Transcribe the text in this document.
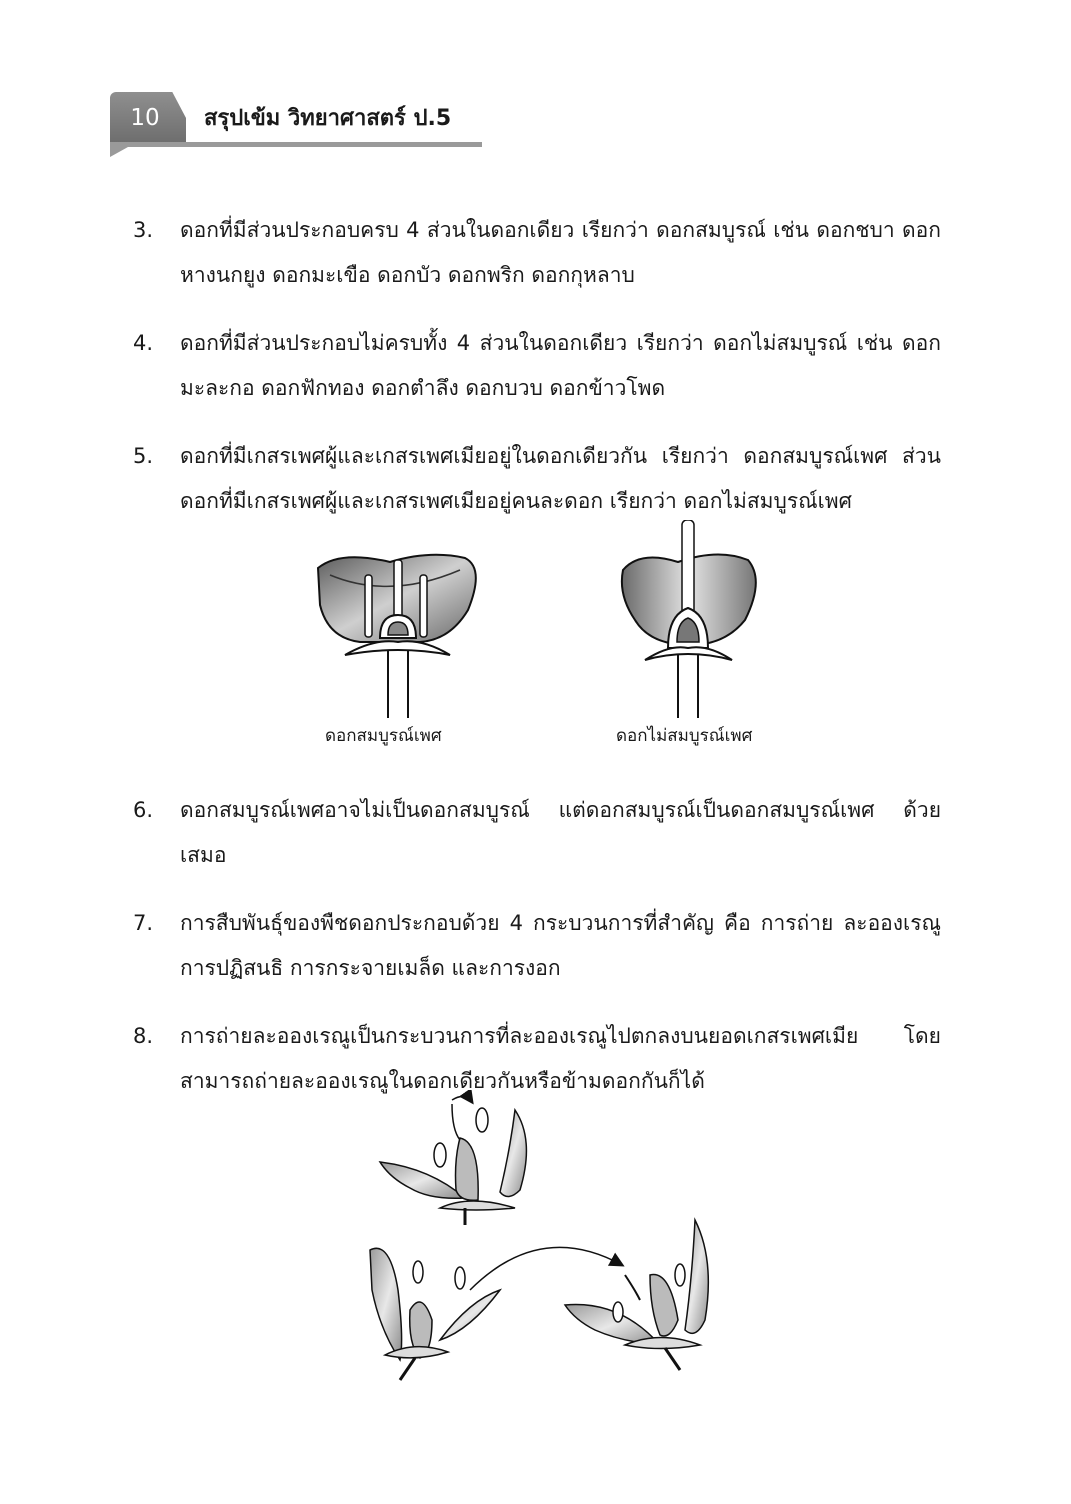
10	สรุปเข้ม วิทยาศาสตร์ ป.5
3. ดอกที่มีส่วนประกอบครบ 4 ส่วนในดอกเดียว เรียกว่า ดอกสมบูรณ์ เช่น ดอกชบา ดอกหางนกยูง ดอกมะเขือ ดอกบัว ดอกพริก ดอกกุหลาบ
4. ดอกที่มีส่วนประกอบไม่ครบทั้ง 4 ส่วนในดอกเดียว เรียกว่า ดอกไม่สมบูรณ์ เช่น ดอกมะละกอ ดอกฟักทอง ดอกตำลึง ดอกบวบ ดอกข้าวโพด
5. ดอกที่มีเกสรเพศผู้และเกสรเพศเมียอยู่ในดอกเดียวกัน เรียกว่า ดอกสมบูรณ์เพศ ส่วนดอกที่มีเกสรเพศผู้และเกสรเพศเมียอยู่คนละดอก เรียกว่า ดอกไม่สมบูรณ์เพศ
ดอกสมบูรณ์เพศ	ดอกไม่สมบูรณ์เพศ
6. ดอกสมบูรณ์เพศอาจไม่เป็นดอกสมบูรณ์ แต่ดอกสมบูรณ์เป็นดอกสมบูรณ์เพศ ด้วยเสมอ
7. การสืบพันธุ์ของพืชดอกประกอบด้วย 4 กระบวนการที่สำคัญ คือ การถ่าย ละอองเรณู การปฏิสนธิ การกระจายเมล็ด และการงอก
8. การถ่ายละอองเรณูเป็นกระบวนการที่ละอองเรณูไปตกลงบนยอดเกสรเพศเมีย โดยสามารถถ่ายละอองเรณูในดอกเดียวกันหรือข้ามดอกกันก็ได้
